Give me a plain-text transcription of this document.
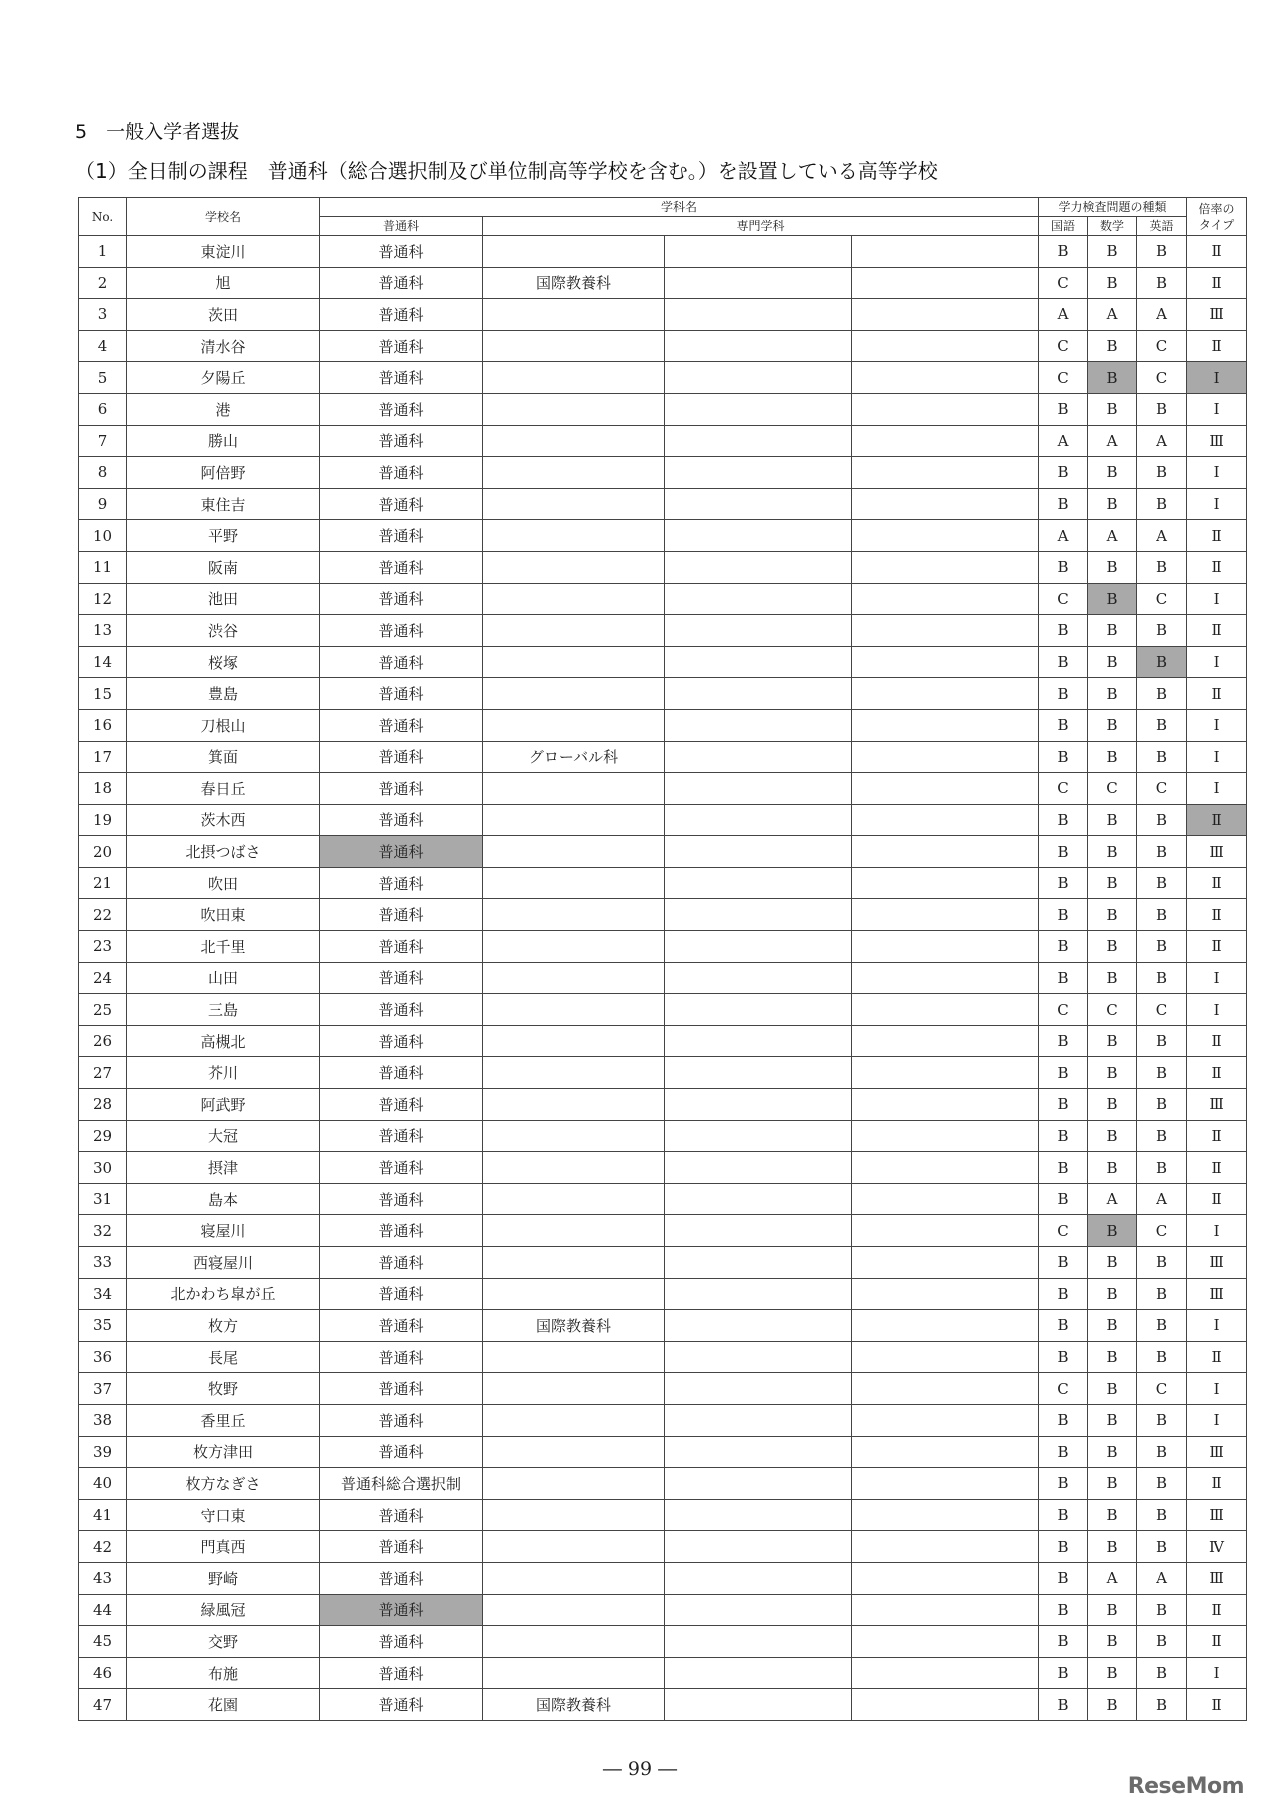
5　一般入学者選抜
（1）全日制の課程　普通科（総合選択制及び単位制高等学校を含む。）を設置している高等学校
No.	学校名	学科名				学力検査問題の種類			倍率の
タイプ
		普通科	専門学科			国語	数学	英語	
1	東淀川	普通科				B	B	B	Ⅱ
2	旭	普通科	国際教養科			C	B	B	Ⅱ
3	茨田	普通科				A	A	A	Ⅲ
4	清水谷	普通科				C	B	C	Ⅱ
5	夕陽丘	普通科				C	B	C	Ⅰ
6	港	普通科				B	B	B	Ⅰ
7	勝山	普通科				A	A	A	Ⅲ
8	阿倍野	普通科				B	B	B	Ⅰ
9	東住吉	普通科				B	B	B	Ⅰ
10	平野	普通科				A	A	A	Ⅱ
11	阪南	普通科				B	B	B	Ⅱ
12	池田	普通科				C	B	C	Ⅰ
13	渋谷	普通科				B	B	B	Ⅱ
14	桜塚	普通科				B	B	B	Ⅰ
15	豊島	普通科				B	B	B	Ⅱ
16	刀根山	普通科				B	B	B	Ⅰ
17	箕面	普通科	グローバル科			B	B	B	Ⅰ
18	春日丘	普通科				C	C	C	Ⅰ
19	茨木西	普通科				B	B	B	Ⅱ
20	北摂つばさ	普通科				B	B	B	Ⅲ
21	吹田	普通科				B	B	B	Ⅱ
22	吹田東	普通科				B	B	B	Ⅱ
23	北千里	普通科				B	B	B	Ⅱ
24	山田	普通科				B	B	B	Ⅰ
25	三島	普通科				C	C	C	Ⅰ
26	高槻北	普通科				B	B	B	Ⅱ
27	芥川	普通科				B	B	B	Ⅱ
28	阿武野	普通科				B	B	B	Ⅲ
29	大冠	普通科				B	B	B	Ⅱ
30	摂津	普通科				B	B	B	Ⅱ
31	島本	普通科				B	A	A	Ⅱ
32	寝屋川	普通科				C	B	C	Ⅰ
33	西寝屋川	普通科				B	B	B	Ⅲ
34	北かわち皐が丘	普通科				B	B	B	Ⅲ
35	枚方	普通科	国際教養科			B	B	B	Ⅰ
36	長尾	普通科				B	B	B	Ⅱ
37	牧野	普通科				C	B	C	Ⅰ
38	香里丘	普通科				B	B	B	Ⅰ
39	枚方津田	普通科				B	B	B	Ⅲ
40	枚方なぎさ	普通科総合選択制				B	B	B	Ⅱ
41	守口東	普通科				B	B	B	Ⅲ
42	門真西	普通科				B	B	B	Ⅳ
43	野崎	普通科				B	A	A	Ⅲ
44	緑風冠	普通科				B	B	B	Ⅱ
45	交野	普通科				B	B	B	Ⅱ
46	布施	普通科				B	B	B	Ⅰ
47	花園	普通科	国際教養科			B	B	B	Ⅱ
― 99 ―
ReseMom
